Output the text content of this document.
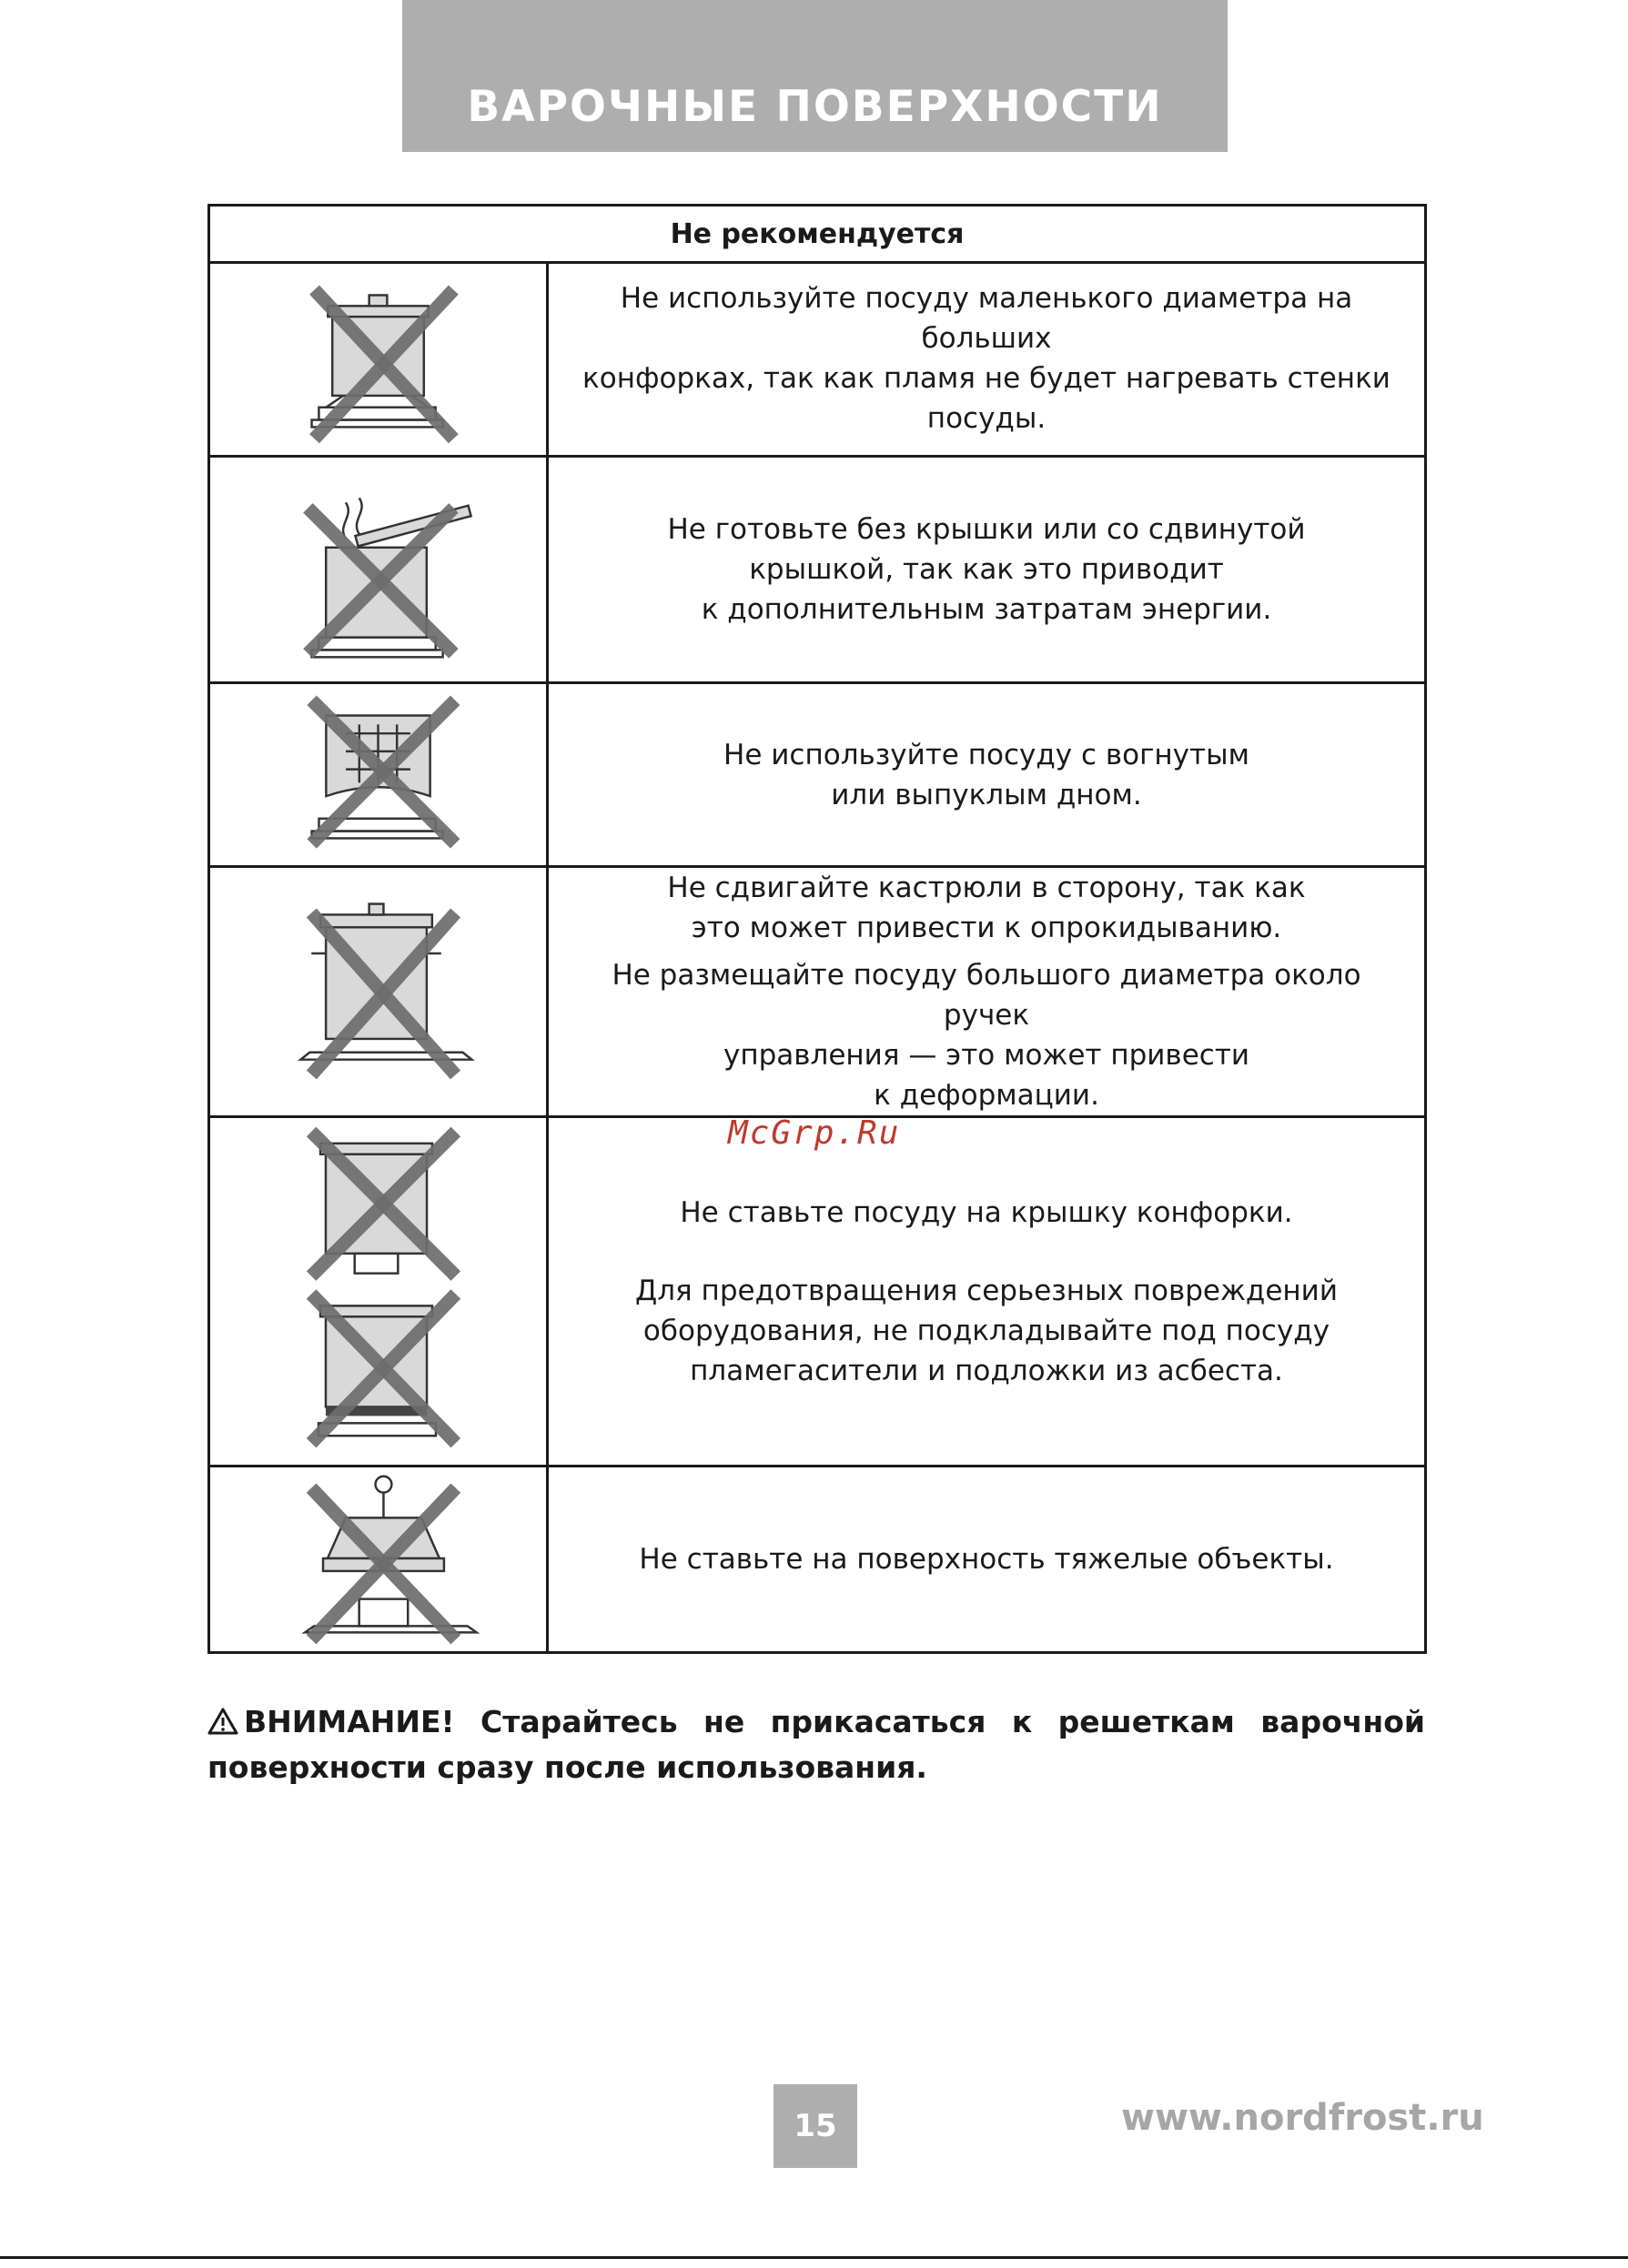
ВАРОЧНЫЕ ПОВЕРХНОСТИ
Не рекомендуется

Не используйте посуду маленького диаметра на больших

конфорках, так как пламя не будет нагревать стенки

посуды.

Не готовьте без крышки или со сдвинутой

крышкой, так как это приводит

к дополнительным затратам энергии.

Не используйте посуду с вогнутым

или выпуклым дном.

Не сдвигайте кастрюли в сторону, так как

это может привести к опрокидыванию.

Не размещайте посуду большого диаметра около ручек

управления — это может привести

к деформации.

Не ставьте посуду на крышку конфорки.

Для предотвращения серьезных повреждений

оборудования, не подкладывайте под посуду

пламегасители и подложки из асбеста.

Не ставьте на поверхность тяжелые объекты.

McGrp.Ru
ВНИМАНИЕ! Старайтесь не прикасаться к решеткам варочной поверхности сразу после использования.
15	www.nordfrost.ru
